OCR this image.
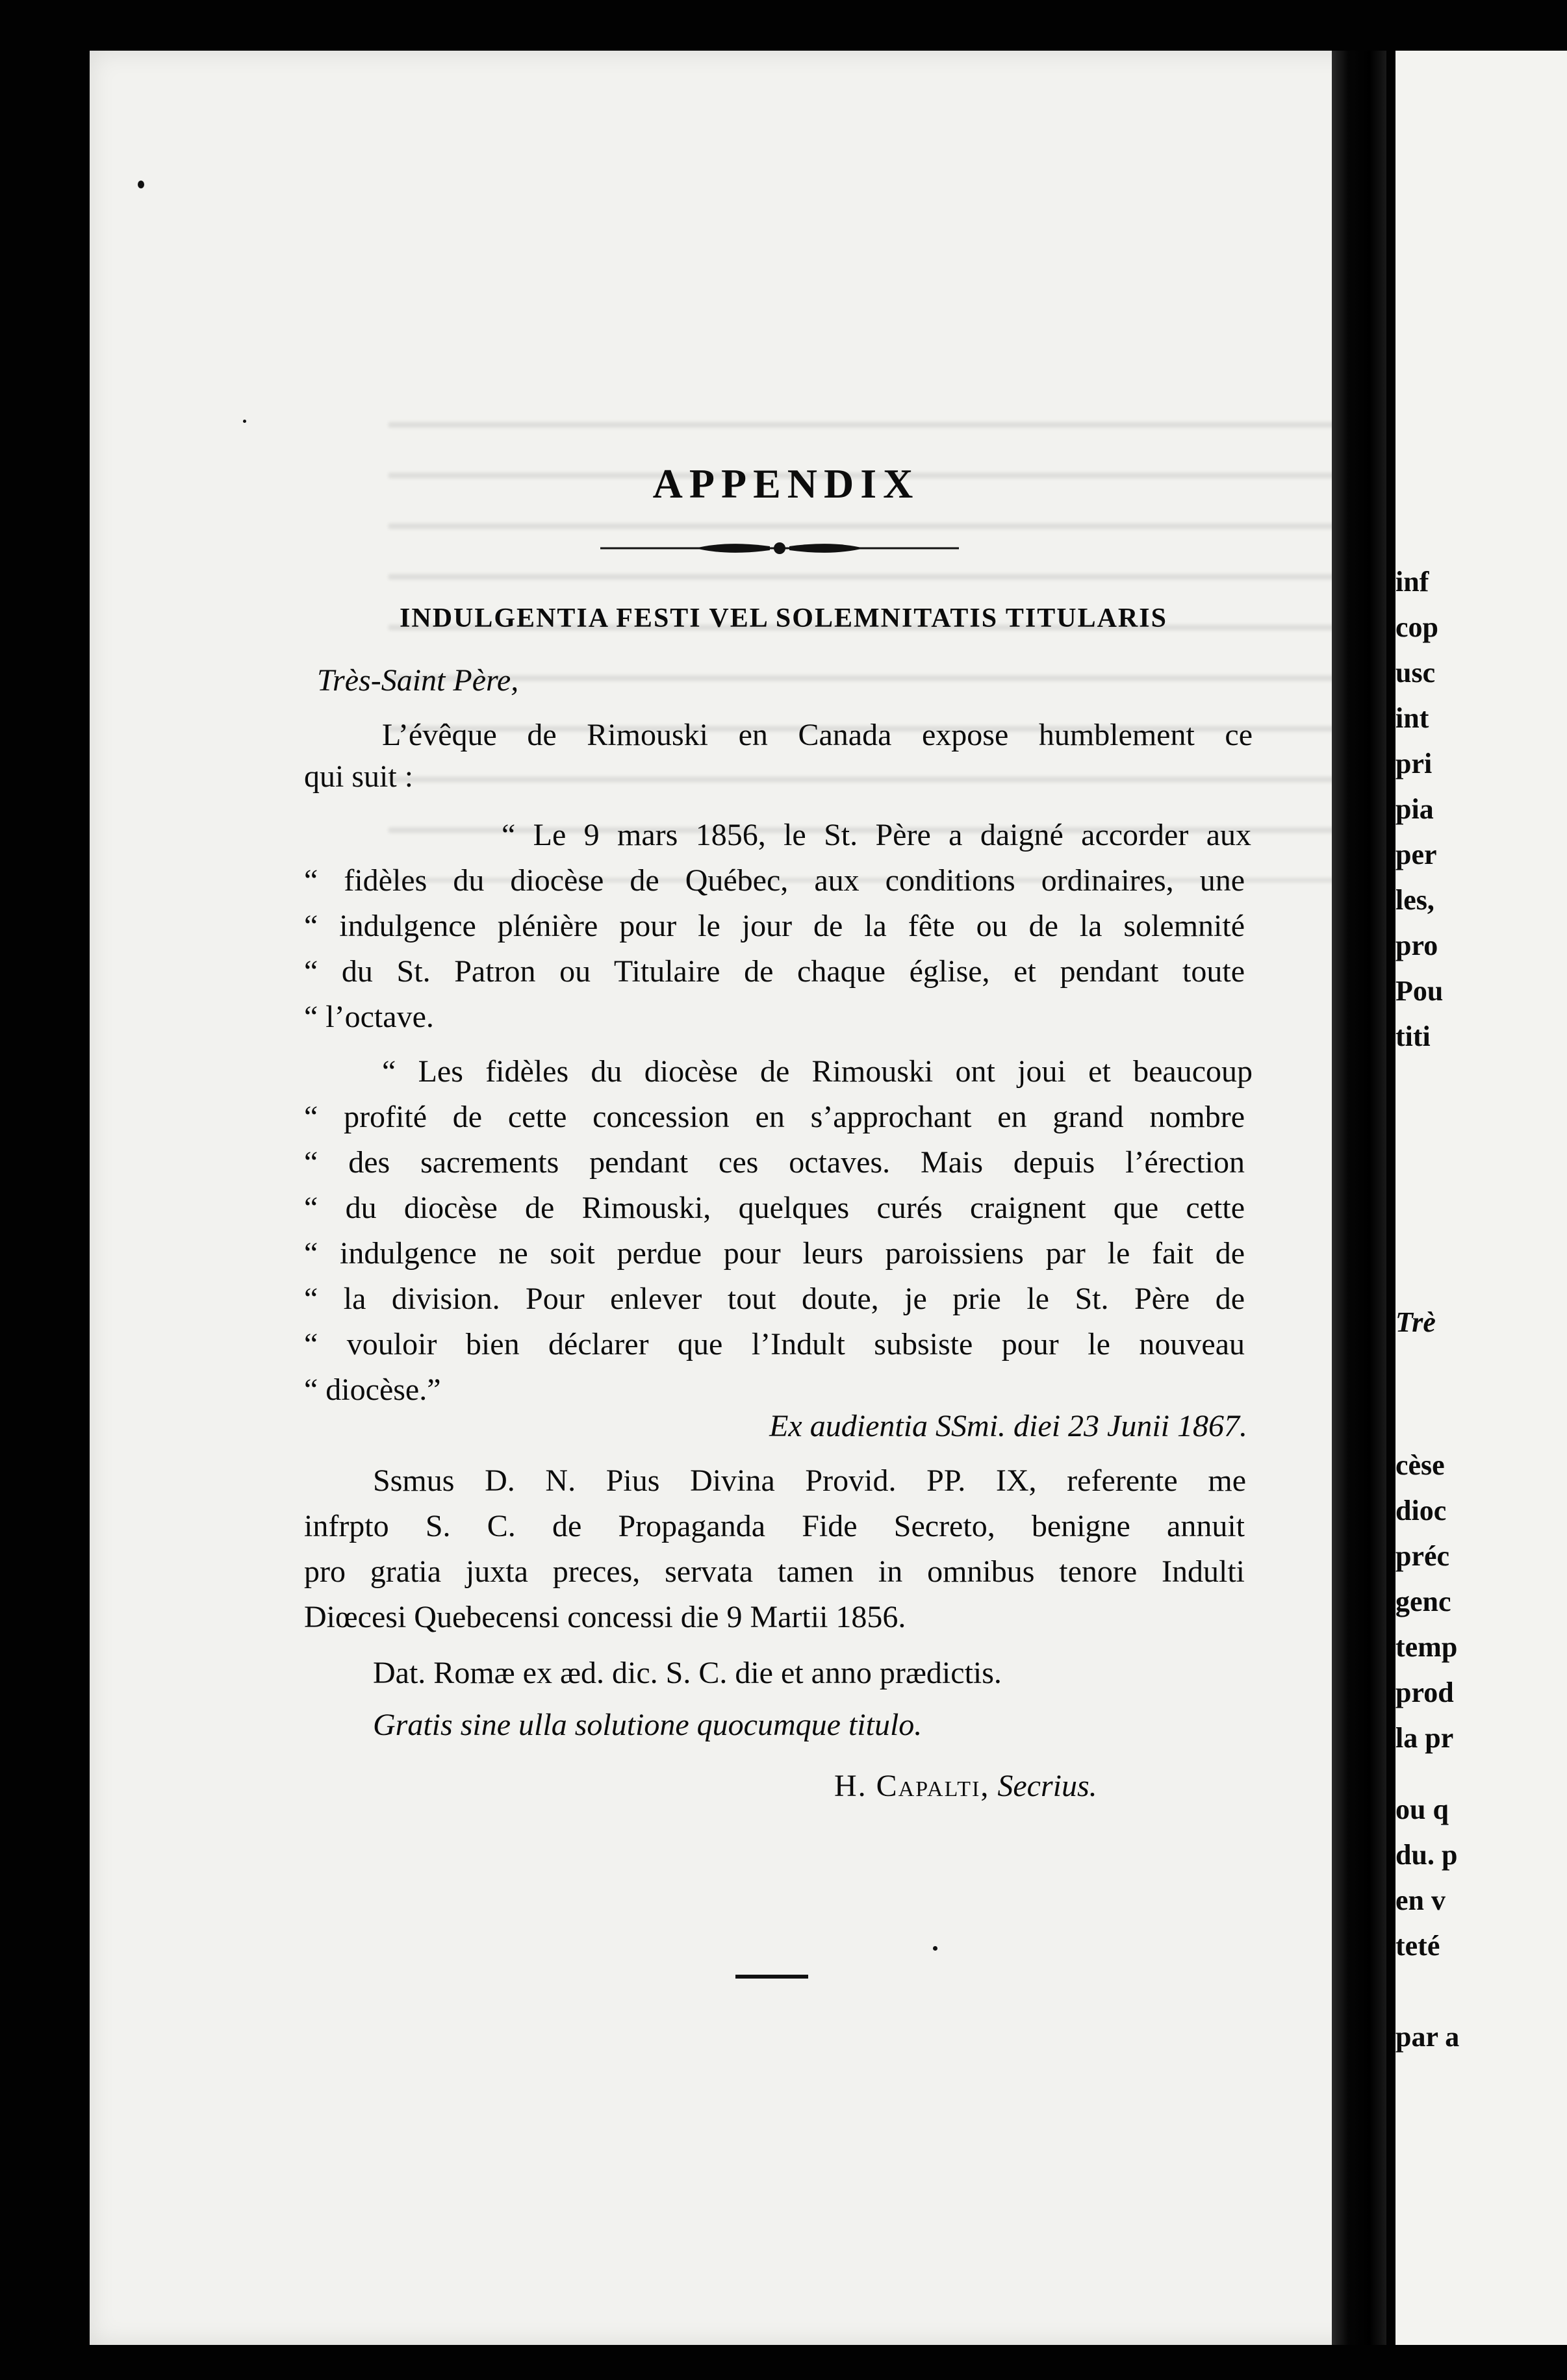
inf
cop
usc
int
pri
pia
per
les,
pro
Pou
titi
Trè
cèse
dioc
préc
genc
temp
prod
la pr
ou q
du. p
en v
teté
par a
APPENDIX
INDULGENTIA FESTI VEL SOLEMNITATIS TITULARIS

Très-Saint Père,

L’évêque de Rimouski en Canada expose humblement ce

qui suit :

“ Le 9 mars 1856, le St. Père a daigné accorder aux

“ fidèles du diocèse de Québec, aux conditions ordinaires, une

“ indulgence plénière pour le jour de la fête ou de la solemnité

“ du St. Patron ou Titulaire de chaque église, et pendant toute

“ l’octave.

“ Les fidèles du diocèse de Rimouski ont joui et beaucoup

“ profité de cette concession en s’approchant en grand nombre

“ des sacrements pendant ces octaves. Mais depuis l’érection

“ du diocèse de Rimouski, quelques curés craignent que cette

“ indulgence ne soit perdue pour leurs paroissiens par le fait de

“ la division. Pour enlever tout doute, je prie le St. Père de

“ vouloir bien déclarer que l’Indult subsiste pour le nouveau

“ diocèse.”

Ex audientia SSmi. diei 23 Junii 1867.

Ssmus D. N. Pius Divina Provid. PP. IX, referente me

infrpto S. C. de Propaganda Fide Secreto, benigne annuit

pro gratia juxta preces, servata tamen in omnibus tenore Indulti

Diœcesi Quebecensi concessi die 9 Martii 1856.

Dat. Romæ ex æd. dic. S. C. die et anno prædictis.

Gratis sine ulla solutione quocumque titulo.

H. Capalti, Secrius.
